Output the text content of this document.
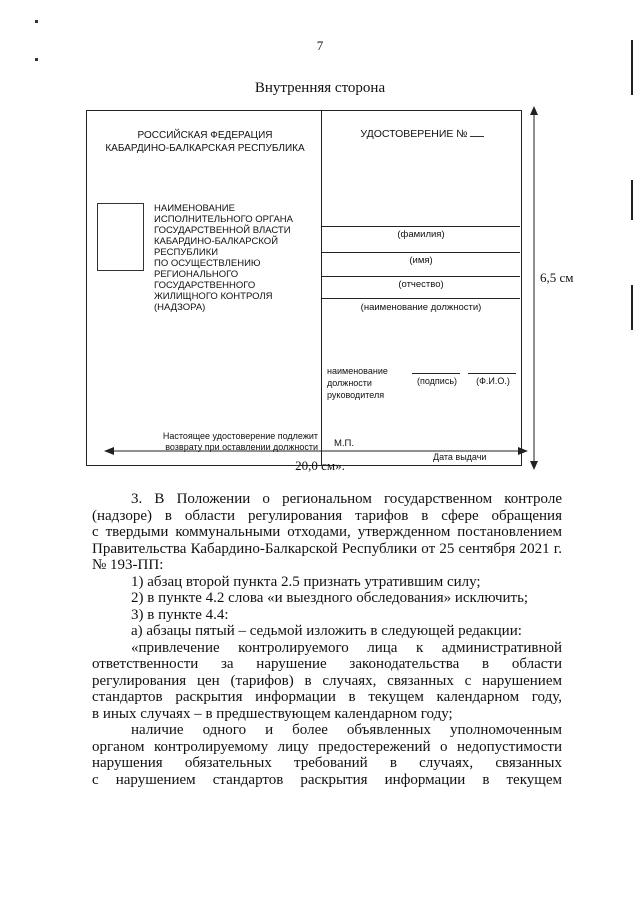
7
Внутренняя сторона
РОССИЙСКАЯ ФЕДЕРАЦИЯ
КАБАРДИНО-БАЛКАРСКАЯ РЕСПУБЛИКА
НАИМЕНОВАНИЕ
ИСПОЛНИТЕЛЬНОГО ОРГАНА
ГОСУДАРСТВЕННОЙ ВЛАСТИ
КАБАРДИНО-БАЛКАРСКОЙ
РЕСПУБЛИКИ
ПО ОСУЩЕСТВЛЕНИЮ
РЕГИОНАЛЬНОГО
ГОСУДАРСТВЕННОГО
ЖИЛИЩНОГО КОНТРОЛЯ
(НАДЗОРА)
Настоящее удостоверение подлежит
возврату при оставлении должности
УДОСТОВЕРЕНИЕ №
(фамилия)
(имя)
(отчество)
(наименование должности)
наименование
должности
руководителя
(подпись)	(Ф.И.О.)
М.П.
Дата выдачи
6,5 см
20,0 см».
3. В Положении о региональном государственном контроле
(надзоре) в области регулирования тарифов в сфере обращения
с твердыми коммунальными отходами, утвержденном постановлением
Правительства Кабардино-Балкарской Республики от 25 сентября 2021 г.
№ 193-ПП:
1) абзац второй пункта 2.5 признать утратившим силу;
2) в пункте 4.2 слова «и выездного обследования» исключить;
3) в пункте 4.4:
а) абзацы пятый – седьмой изложить в следующей редакции:
«привлечение контролируемого лица к административной
ответственности за нарушение законодательства в области
регулирования цен (тарифов) в случаях, связанных с нарушением
стандартов раскрытия информации в текущем календарном году,
в иных случаях – в предшествующем календарном году;
наличие одного и более объявленных уполномоченным
органом контролируемому лицу предостережений о недопустимости
нарушения обязательных требований в случаях, связанных
с нарушением стандартов раскрытия информации в текущем
